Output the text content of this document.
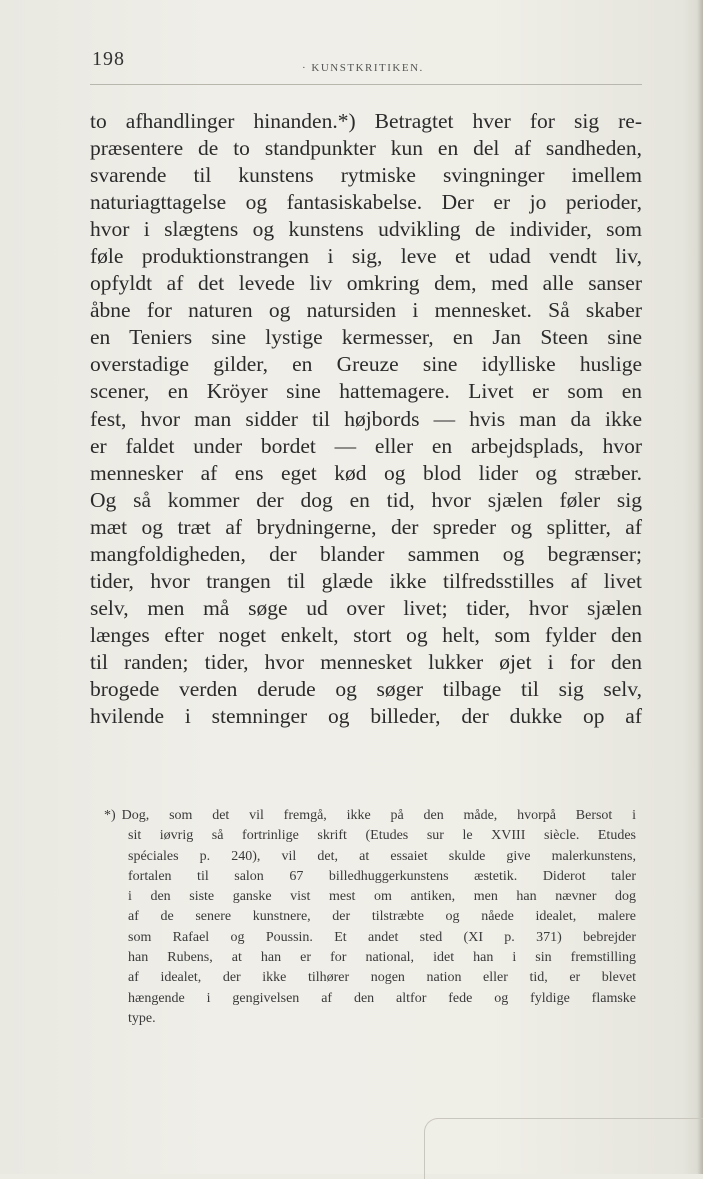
198	· KUNSTKRITIKEN.
to afhandlinger hinanden.*) Betragtet hver for sig re-
præsentere de to standpunkter kun en del af sandheden,
svarende til kunstens rytmiske svingninger imellem
naturiagttagelse og fantasiskabelse. Der er jo perioder,
hvor i slægtens og kunstens udvikling de individer, som
føle produktionstrangen i sig, leve et udad vendt liv,
opfyldt af det levede liv omkring dem, med alle sanser
åbne for naturen og natursiden i mennesket. Så skaber
en Teniers sine lystige kermesser, en Jan Steen sine
overstadige gilder, en Greuze sine idylliske huslige
scener, en Kröyer sine hattemagere. Livet er som en
fest, hvor man sidder til højbords — hvis man da ikke
er faldet under bordet — eller en arbejdsplads, hvor
mennesker af ens eget kød og blod lider og stræber.
Og så kommer der dog en tid, hvor sjælen føler sig
mæt og træt af brydningerne, der spreder og splitter, af
mangfoldigheden, der blander sammen og begrænser;
tider, hvor trangen til glæde ikke tilfredsstilles af livet
selv, men må søge ud over livet; tider, hvor sjælen
længes efter noget enkelt, stort og helt, som fylder den
til randen; tider, hvor mennesket lukker øjet i for den
brogede verden derude og søger tilbage til sig selv,
hvilende i stemninger og billeder, der dukke op af
*) Dog, som det vil fremgå, ikke på den måde, hvorpå Bersot i
sit iøvrig så fortrinlige skrift (Etudes sur le XVIII siècle. Etudes
spéciales p. 240), vil det, at essaiet skulde give malerkunstens,
fortalen til salon 67 billedhuggerkunstens æstetik. Diderot taler
i den siste ganske vist mest om antiken, men han nævner dog
af de senere kunstnere, der tilstræbte og nåede idealet, malere
som Rafael og Poussin. Et andet sted (XI p. 371) bebrejder
han Rubens, at han er for national, idet han i sin fremstilling
af idealet, der ikke tilhører nogen nation eller tid, er blevet
hængende i gengivelsen af den altfor fede og fyldige flamske
type.
